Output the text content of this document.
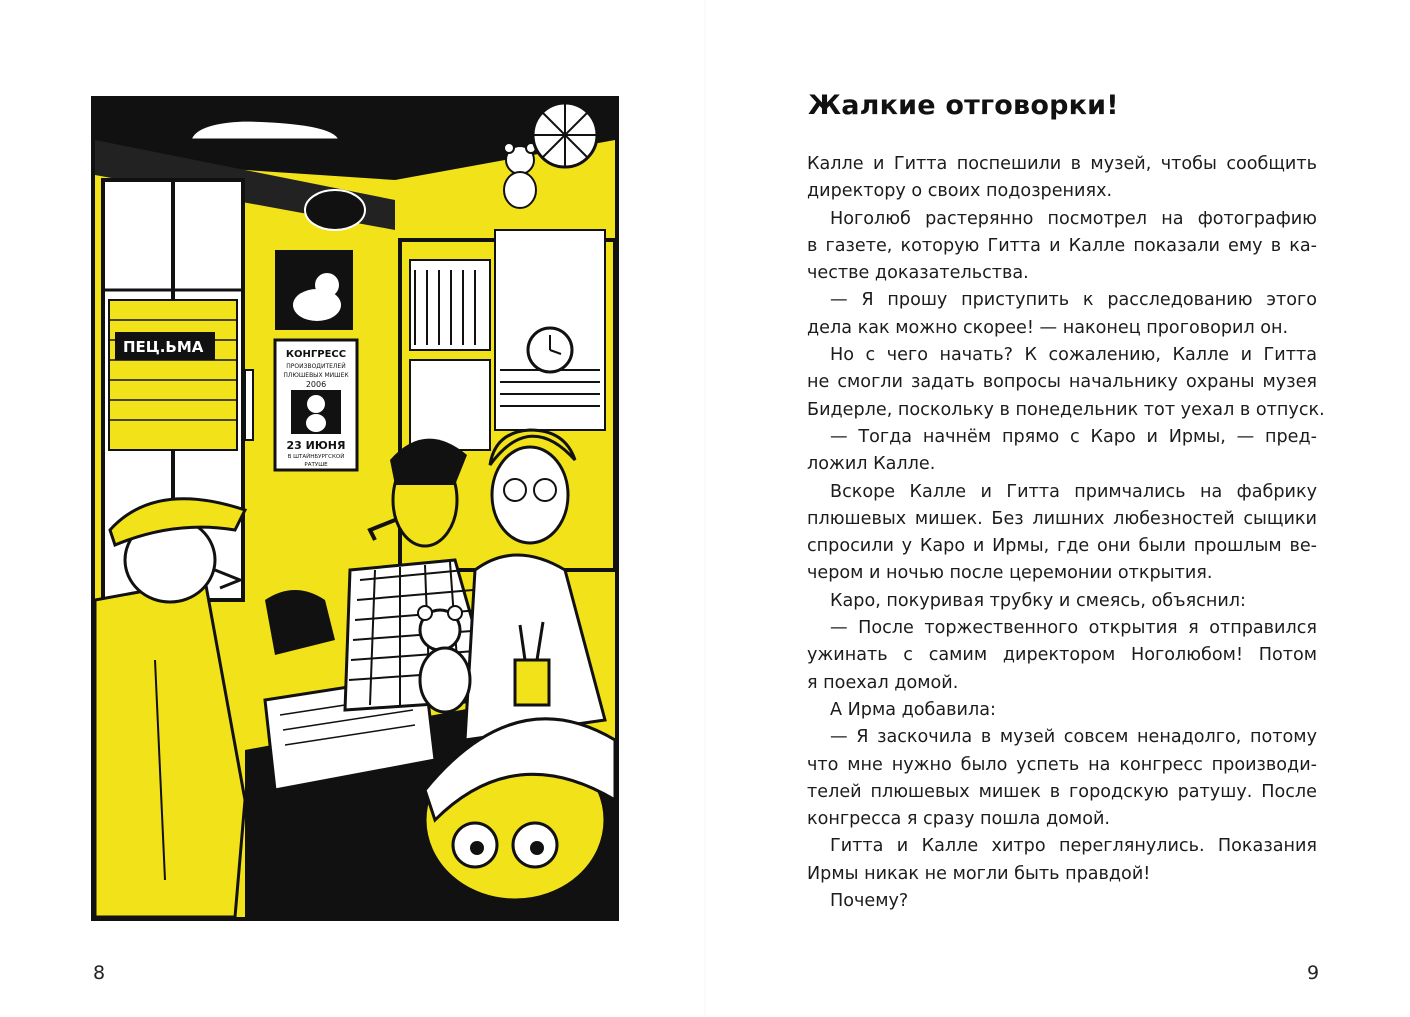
ПЕЦ.ЬМА	КОНГРЕСС
ПРОИЗВОДИТЕЛЕЙ
ПЛЮШЕВЫХ МИШЕК
2006
23 ИЮНЯ
В ШТАЙНБУРГСКОЙ
РАТУШЕ
8
Жалкие отговорки!
Калле и Гитта поспешили в музей, чтобы сообщить
директору о своих подозрениях.
Ноголюб растерянно посмотрел на фотографию
в газете, которую Гитта и Калле показали ему в ка-
честве доказательства.
— Я прошу приступить к расследованию этого
дела как можно скорее! — наконец проговорил он.
Но с чего начать? К сожалению, Калле и Гитта
не смогли задать вопросы начальнику охраны музея
Бидерле, поскольку в понедельник тот уехал в отпуск.
— Тогда начнём прямо с Каро и Ирмы, — пред-
ложил Калле.
Вскоре Калле и Гитта примчались на фабрику
плюшевых мишек. Без лишних любезностей сыщики
спросили у Каро и Ирмы, где они были прошлым ве-
чером и ночью после церемонии открытия.
Каро, покуривая трубку и смеясь, объяснил:
— После торжественного открытия я отправился
ужинать с самим директором Ноголюбом! Потом
я поехал домой.
А Ирма добавила:
— Я заскочила в музей совсем ненадолго, потому
что мне нужно было успеть на конгресс производи-
телей плюшевых мишек в городскую ратушу. После
конгресса я сразу пошла домой.
Гитта и Калле хитро переглянулись. Показания
Ирмы никак не могли быть правдой!
Почему?
9
